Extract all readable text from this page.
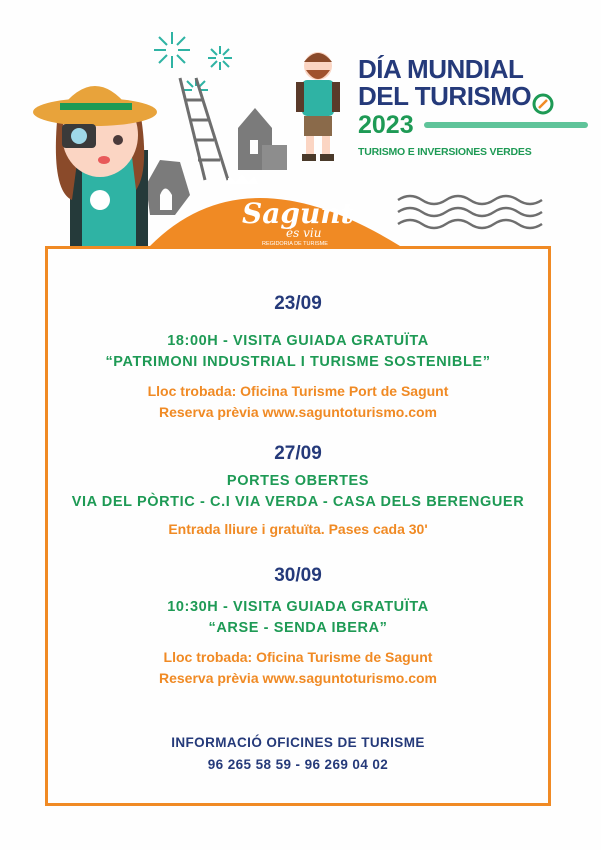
Sagunt
és viu
REGIDORIA DE TURISME
DÍA MUNDIAL
DEL TURISMO
2023
TURISMO E INVERSIONES VERDES
23/09
18:00H - VISITA GUIADA GRATUÏTA
“PATRIMONI INDUSTRIAL I TURISME SOSTENIBLE”
Lloc trobada: Oficina Turisme Port de Sagunt
Reserva prèvia www.saguntoturismo.com
27/09
PORTES OBERTES
VIA DEL PÒRTIC - C.I VIA VERDA - CASA DELS BERENGUER
Entrada lliure i gratuïta. Pases cada 30'
30/09
10:30H - VISITA GUIADA GRATUÏTA
“ARSE - SENDA IBERA”
Lloc trobada: Oficina Turisme de Sagunt
Reserva prèvia www.saguntoturismo.com
INFORMACIÓ OFICINES DE TURISME
96 265 58 59 - 96 269 04 02
